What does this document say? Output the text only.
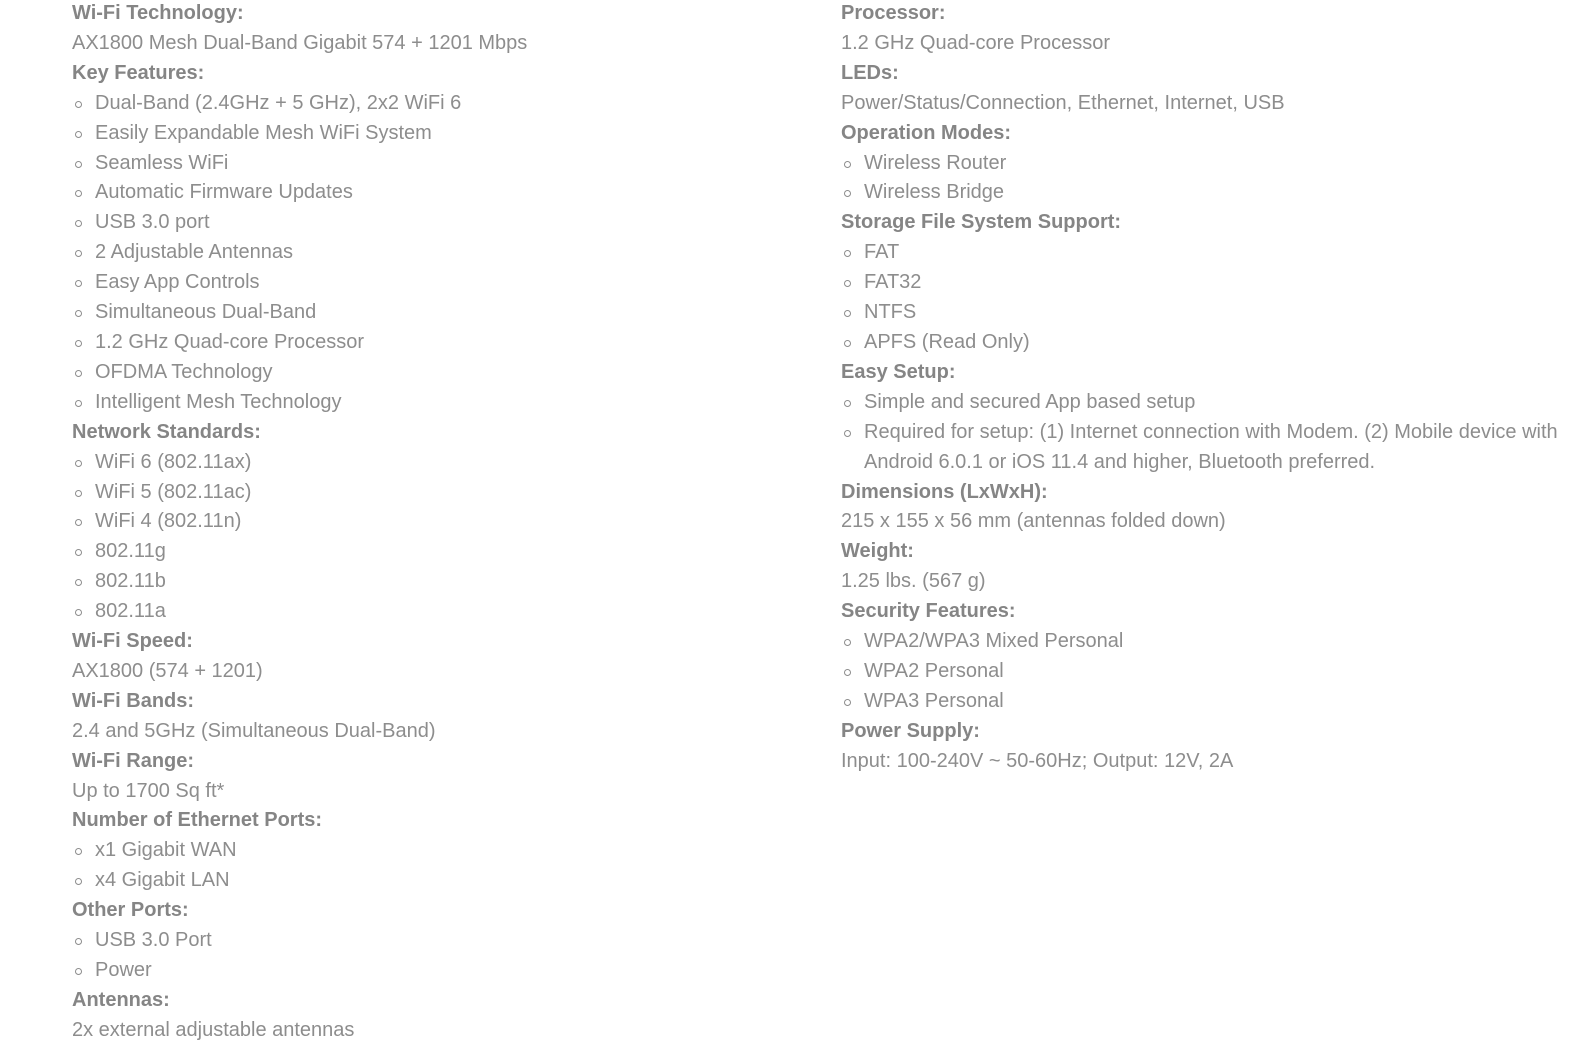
Wi-Fi Technology:
AX1800 Mesh Dual-Band Gigabit 574 + 1201 Mbps
Key Features:
Dual-Band (2.4GHz + 5 GHz), 2x2 WiFi 6
Easily Expandable Mesh WiFi System
Seamless WiFi
Automatic Firmware Updates
USB 3.0 port
2 Adjustable Antennas
Easy App Controls
Simultaneous Dual-Band
1.2 GHz Quad-core Processor
OFDMA Technology
Intelligent Mesh Technology
Network Standards:
WiFi 6 (802.11ax)
WiFi 5 (802.11ac)
WiFi 4 (802.11n)
802.11g
802.11b
802.11a
Wi-Fi Speed:
AX1800 (574 + 1201)
Wi-Fi Bands:
2.4 and 5GHz (Simultaneous Dual-Band)
Wi-Fi Range:
Up to 1700 Sq ft*
Number of Ethernet Ports:
x1 Gigabit WAN
x4 Gigabit LAN
Other Ports:
USB 3.0 Port
Power
Antennas:
2x external adjustable antennas
Processor:
1.2 GHz Quad-core Processor
LEDs:
Power/Status/Connection, Ethernet, Internet, USB
Operation Modes:
Wireless Router
Wireless Bridge
Storage File System Support:
FAT
FAT32
NTFS
APFS (Read Only)
Easy Setup:
Simple and secured App based setup
Required for setup: (1) Internet connection with Modem. (2) Mobile device with Android 6.0.1 or iOS 11.4 and higher, Bluetooth preferred.
Dimensions (LxWxH):
215 x 155 x 56 mm (antennas folded down)
Weight:
1.25 lbs. (567 g)
Security Features:
WPA2/WPA3 Mixed Personal
WPA2 Personal
WPA3 Personal
Power Supply:
Input: 100-240V ~ 50-60Hz; Output: 12V, 2A
